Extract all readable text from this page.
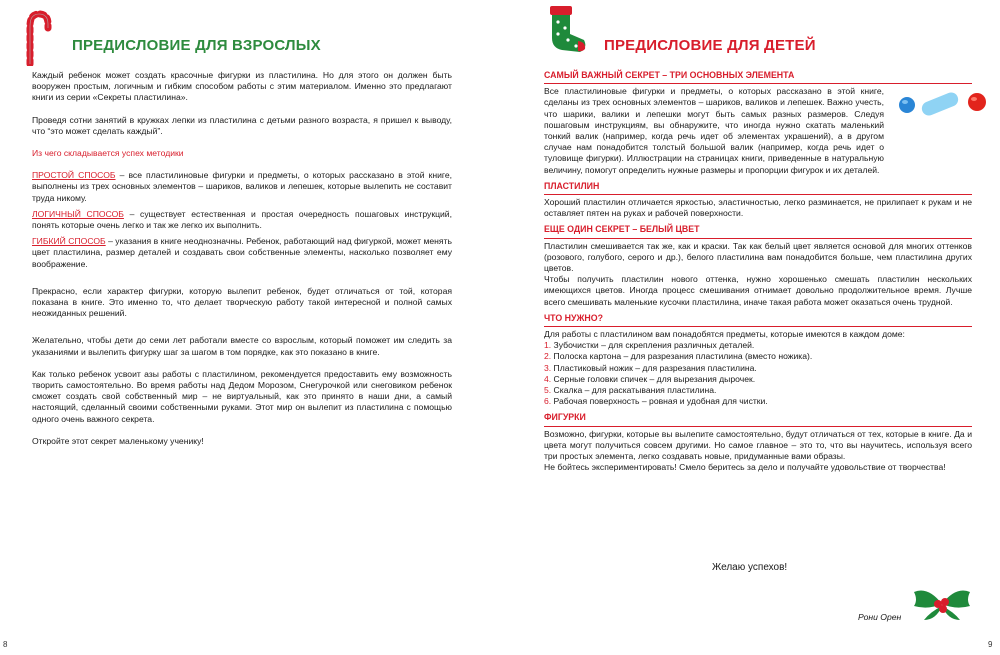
ПРЕДИСЛОВИЕ ДЛЯ ВЗРОСЛЫХ	ПРЕДИСЛОВИЕ ДЛЯ ДЕТЕЙ

Каждый ребенок может создать красочные фигурки из пластилина. Но для этого он должен быть вооружен простым, логичным и гибким способом работы с этим материалом. Именно это предлагают книги из серии «Секреты пластилина».

Проведя сотни занятий в кружках лепки из пластилина с детьми разного возраста, я пришел к выводу, что “это может сделать каждый”.

Из чего складывается успех методики

ПРОСТОЙ СПОСОБ – все пластилиновые фигурки и предметы, о которых рассказано в этой книге, выполнены из трех основных элементов – шариков, валиков и лепешек, которые вылепить не составит труда никому.

ЛОГИЧНЫЙ СПОСОБ – существует естественная и простая очередность пошаговых инструкций, понять которые очень легко и так же легко их выполнить.

ГИБКИЙ СПОСОБ – указания в книге неоднозначны. Ребенок, работающий над фигуркой, может менять цвет пластилина, размер деталей и создавать свои собственные элементы, насколько позволяет ему воображение.

Прекрасно, если характер фигурки, которую вылепит ребенок, будет отличаться от той, которая показана в книге. Это именно то, что делает творческую работу такой интересной и полной самых неожиданных решений.

Желательно, чтобы дети до семи лет работали вместе со взрослым, который поможет им следить за указаниями и вылепить фигурку шаг за шагом в том порядке, как это показано в книге.

Как только ребенок усвоит азы работы с пластилином, рекомендуется предоставить ему возможность творить самостоятельно. Во время работы над Дедом Морозом, Снегурочкой или снеговиком ребенок сможет создать свой собственный мир – не виртуальный, как это принято в наши дни, а самый настоящий, сделанный своими собственными руками. Этот мир он вылепит из пластилина с помощью одного очень важного секрета.

Откройте этот секрет маленькому ученику!

САМЫЙ ВАЖНЫЙ СЕКРЕТ – ТРИ ОСНОВНЫХ ЭЛЕМЕНТА

Все пластилиновые фигурки и предметы, о которых рассказано в этой книге, сделаны из трех основных элементов – шариков, валиков и лепешек. Важно учесть, что шарики, валики и лепешки могут быть самых разных размеров. Следуя пошаговым инструкциям, вы обнаружите, что иногда нужно скатать маленький тонкий валик (например, когда речь идет об элементах украшений), а в другом случае нам понадобится толстый большой валик (например, когда речь идет о туловище фигурки). Иллюстрации на страницах книги, приведенные в натуральную величину, помогут определить нужные размеры и пропорции фигурок и их деталей.

ПЛАСТИЛИН

Хороший пластилин отличается яркостью, эластичностью, легко разминается, не прилипает к рукам и не оставляет пятен на руках и рабочей поверхности.

ЕЩЕ ОДИН СЕКРЕТ – БЕЛЫЙ ЦВЕТ

Пластилин смешивается так же, как и краски. Так как белый цвет является основой для многих оттенков (розового, голубого, серого и др.), белого пластилина вам понадобится больше, чем пластилина других цветов.

Чтобы получить пластилин нового оттенка, нужно хорошенько смешать пластилин нескольких имеющихся цветов. Иногда процесс смешивания отнимает довольно продолжительное время. Лучше всего смешивать маленькие кусочки пластилина, иначе такая работа может оказаться очень трудной.

ЧТО НУЖНО?

Для работы с пластилином вам понадобятся предметы, которые имеются в каждом доме:

1. Зубочистки – для скрепления различных деталей.
2. Полоска картона – для разрезания пластилина (вместо ножика).
3. Пластиковый ножик – для разрезания пластилина.
4. Серные головки спичек – для вырезания дырочек.
5. Скалка – для раскатывания пластилина.
6. Рабочая поверхность – ровная и удобная для чистки.
ФИГУРКИ

Возможно, фигурки, которые вы вылепите самостоятельно, будут отличаться от тех, которые в книге. Да и цвета могут получиться совсем другими. Но самое главное – это то, что вы научитесь, используя всего три простых элемента, легко создавать новые, придуманные вами образы.

Не бойтесь экспериментировать! Смело беритесь за дело и получайте удовольствие от творчества!

Желаю успехов!
Рони Орен
8	9
